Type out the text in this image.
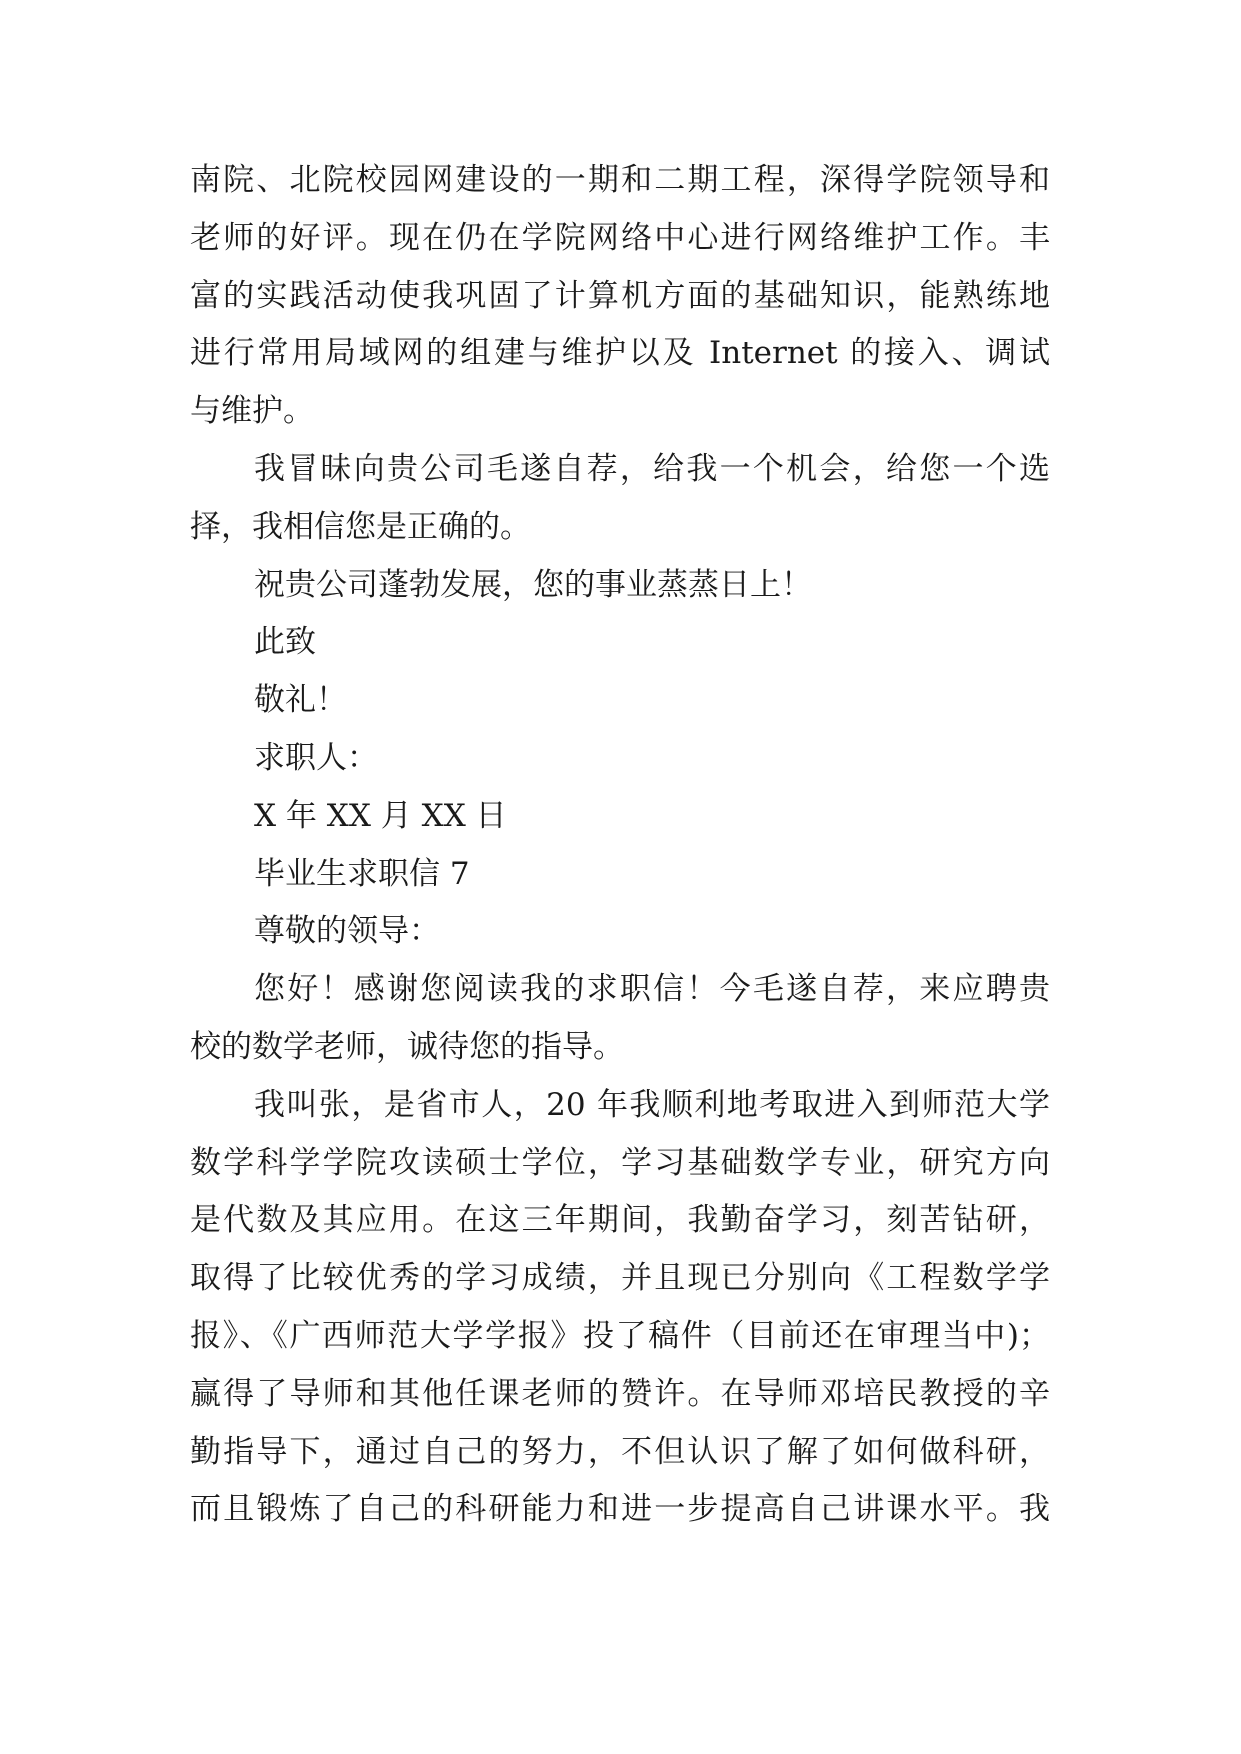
南院、北院校园网建设的一期和二期工程，深得学院领导和
老师的好评。现在仍在学院网络中心进行网络维护工作。丰
富的实践活动使我巩固了计算机方面的基础知识，能熟练地
进行常用局域网的组建与维护以及 Internet 的接入、调试
与维护。
我冒昧向贵公司毛遂自荐，给我一个机会，给您一个选
择，我相信您是正确的。
祝贵公司蓬勃发展，您的事业蒸蒸日上！
此致
敬礼！
求职人：
X 年 XX 月 XX 日
毕业生求职信 7
尊敬的领导：
您好！感谢您阅读我的求职信！今毛遂自荐，来应聘贵
校的数学老师，诚待您的指导。
我叫张，是省市人，20 年我顺利地考取进入到师范大学
数学科学学院攻读硕士学位，学习基础数学专业，研究方向
是代数及其应用。在这三年期间，我勤奋学习，刻苦钻研，
取得了比较优秀的学习成绩，并且现已分别向《工程数学学
报》、《广西师范大学学报》投了稿件（目前还在审理当中)；
赢得了导师和其他任课老师的赞许。在导师邓培民教授的辛
勤指导下，通过自己的努力，不但认识了解了如何做科研，
而且锻炼了自己的科研能力和进一步提高自己讲课水平。我
